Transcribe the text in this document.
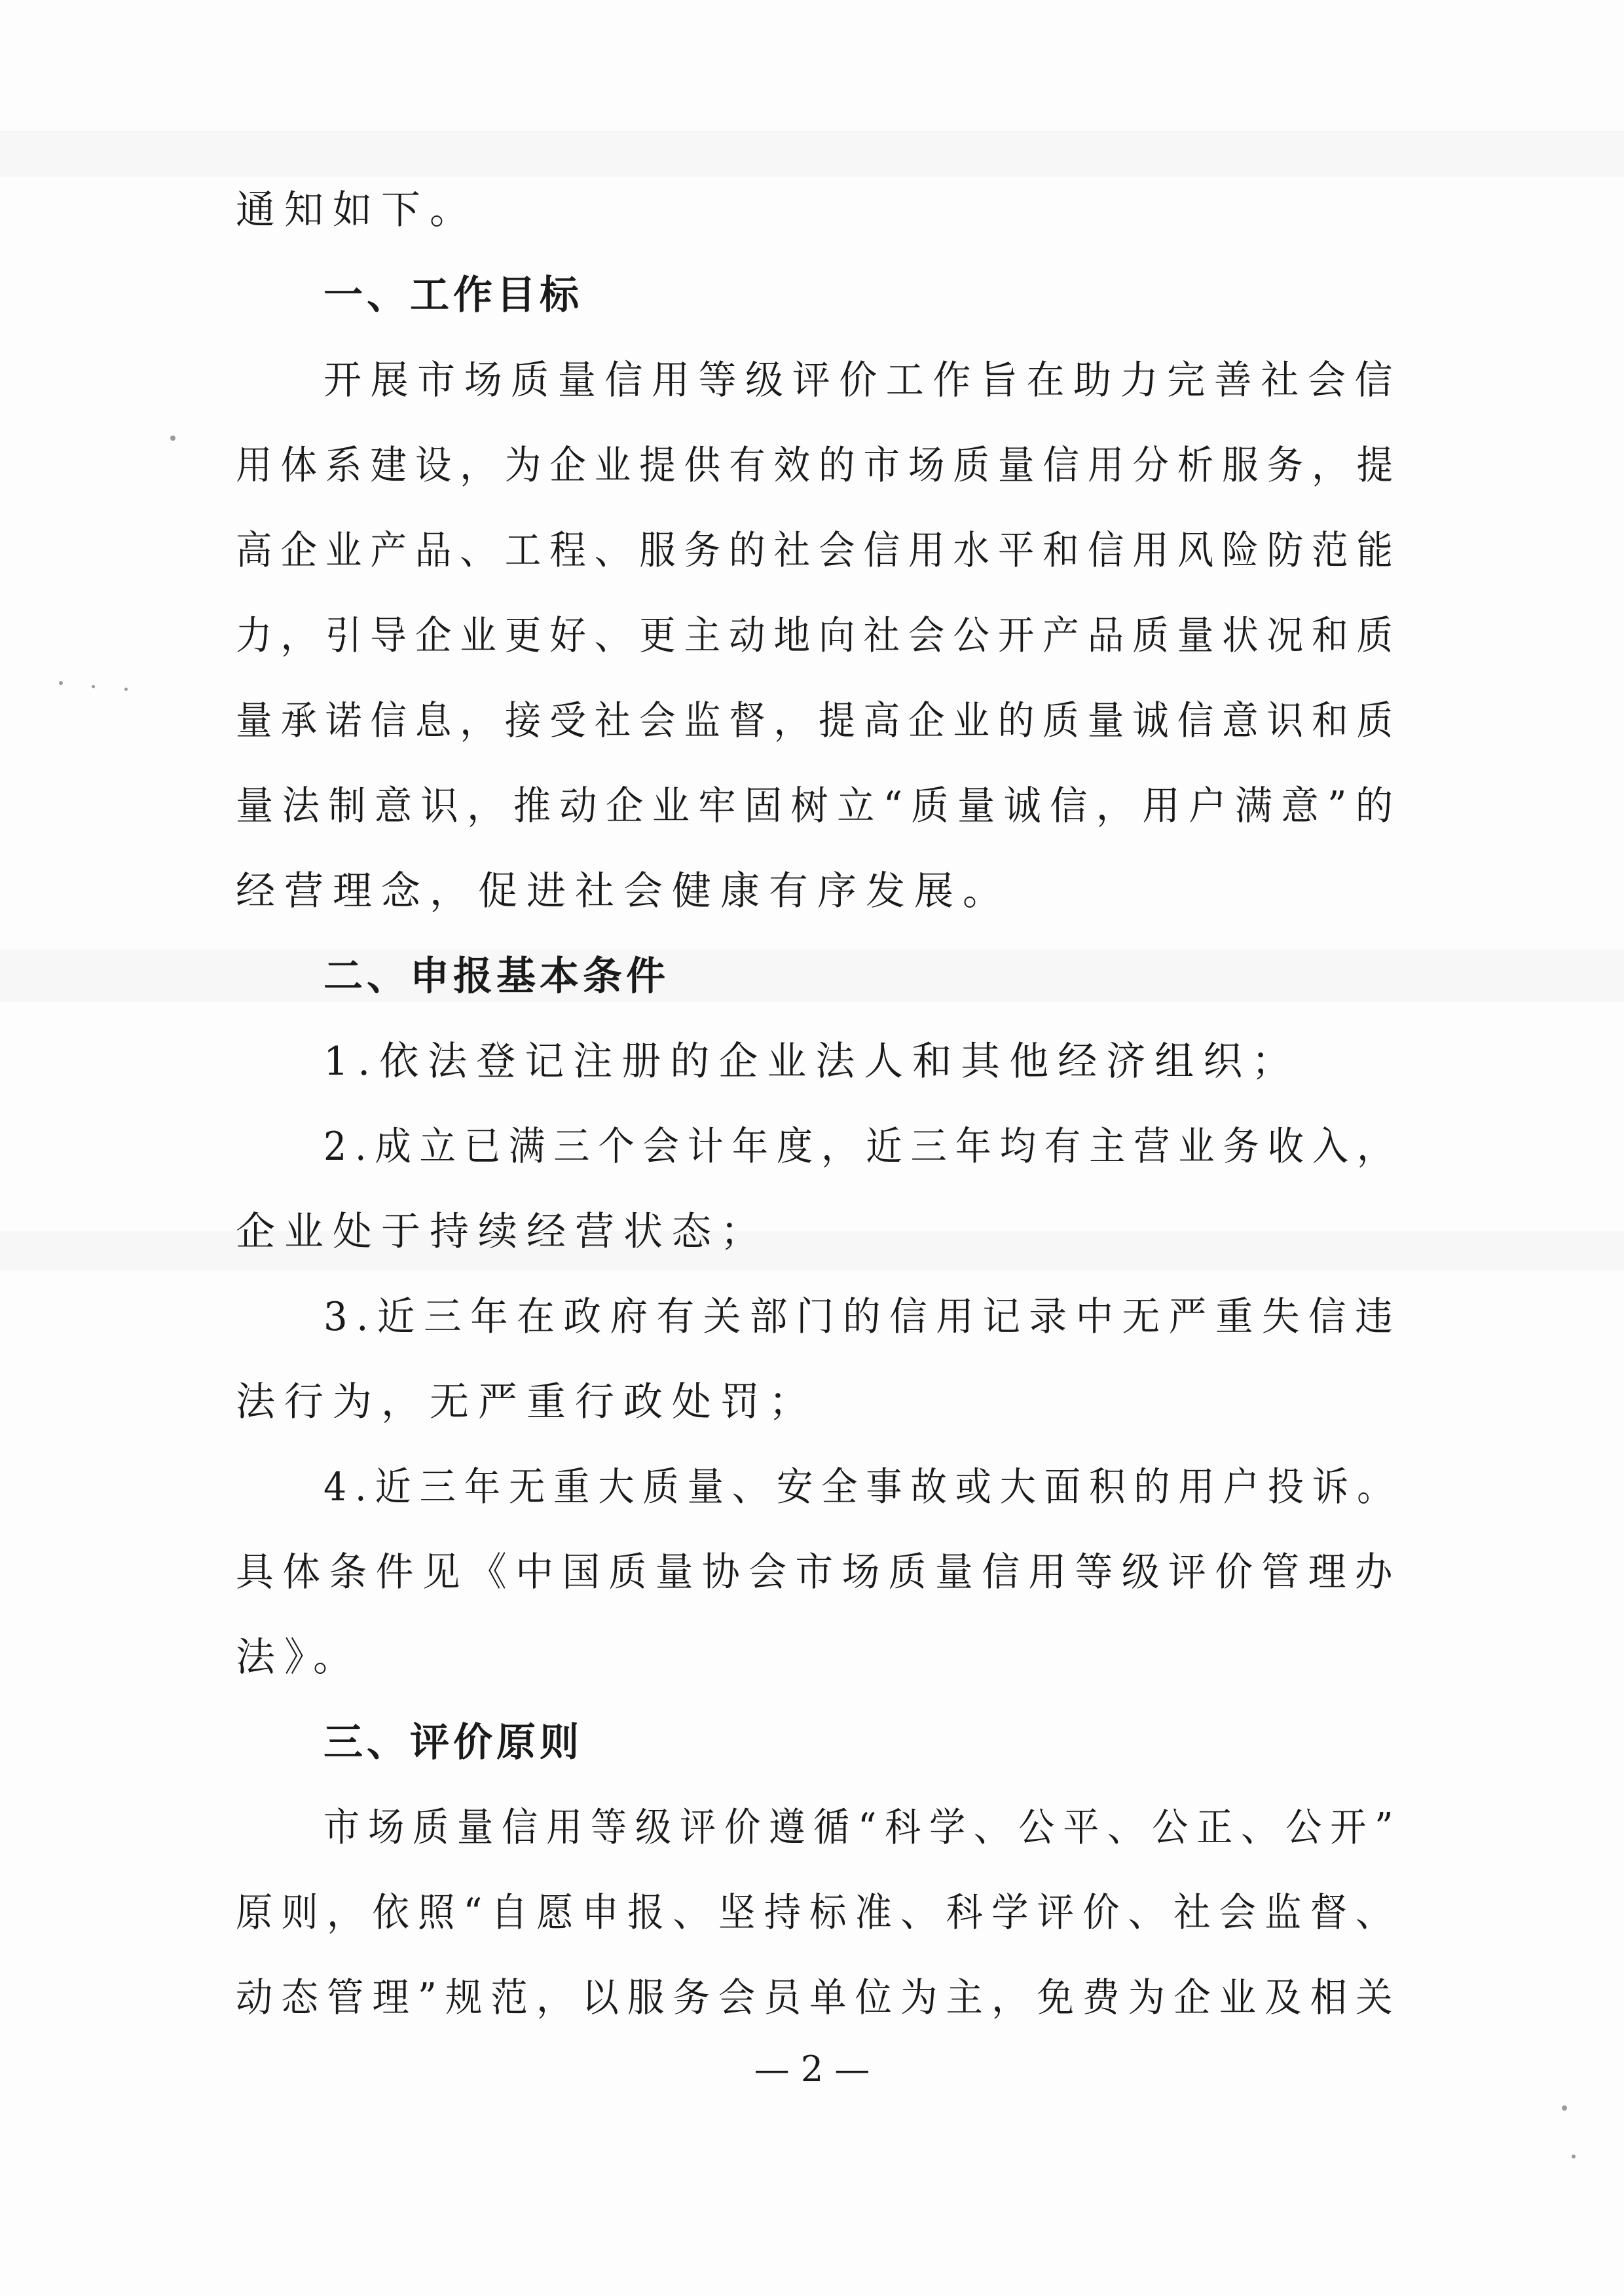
通知如下。
一、工作目标
开展市场质量信用等级评价工作旨在助力完善社会信
用体系建设，为企业提供有效的市场质量信用分析服务，提
高企业产品、工程、服务的社会信用水平和信用风险防范能
力，引导企业更好、更主动地向社会公开产品质量状况和质
量承诺信息，接受社会监督，提高企业的质量诚信意识和质
量法制意识，推动企业牢固树立“质量诚信，用户满意”的
经营理念，促进社会健康有序发展。
二、申报基本条件
1.依法登记注册的企业法人和其他经济组织；
2.成立已满三个会计年度，近三年均有主营业务收入，
企业处于持续经营状态；
3.近三年在政府有关部门的信用记录中无严重失信违
法行为，无严重行政处罚；
4.近三年无重大质量、安全事故或大面积的用户投诉。
具体条件见《中国质量协会市场质量信用等级评价管理办
法》。
三、评价原则
市场质量信用等级评价遵循“科学、公平、公正、公开”
原则，依照“自愿申报、坚持标准、科学评价、社会监督、
动态管理”规范，以服务会员单位为主，免费为企业及相关
— 2 —
